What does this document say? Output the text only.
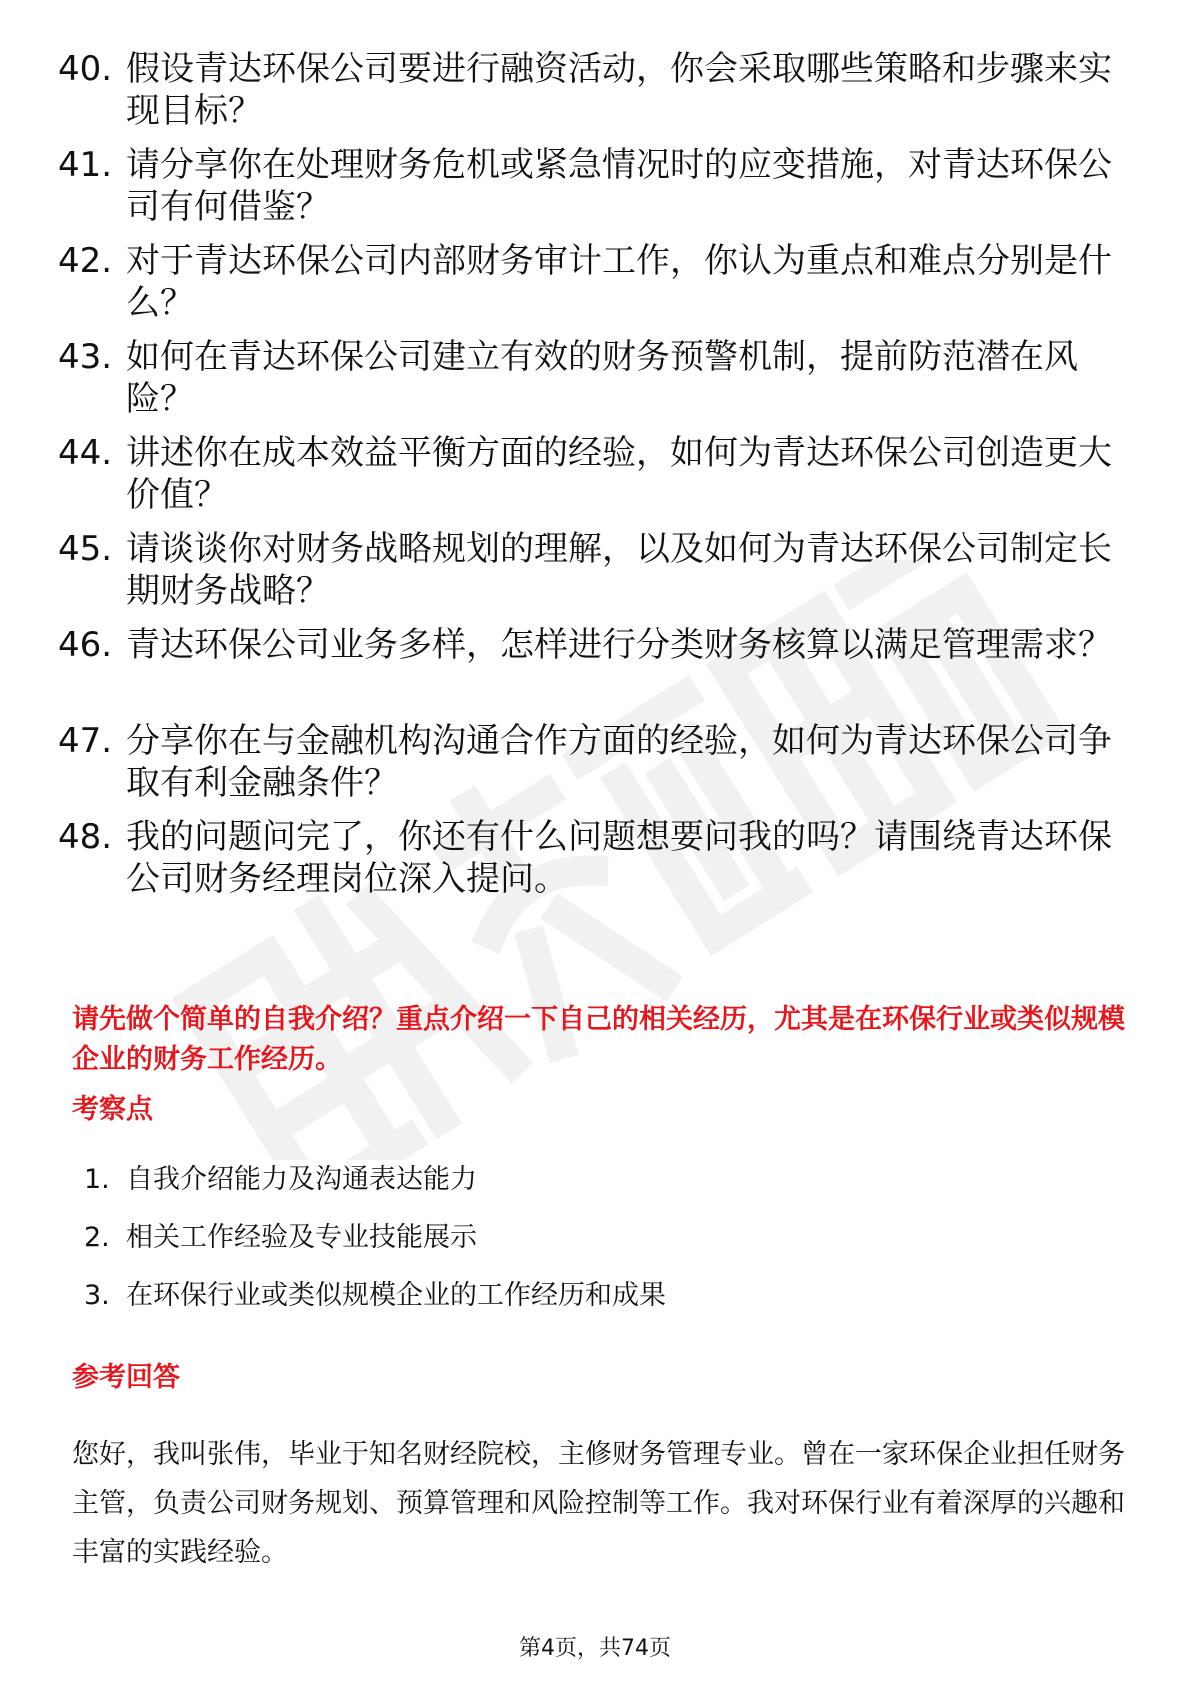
40. 假设青达环保公司要进行融资活动，你会采取哪些策略和步骤来实现目标？
41. 请分享你在处理财务危机或紧急情况时的应变措施，对青达环保公司有何借鉴？
42. 对于青达环保公司内部财务审计工作，你认为重点和难点分别是什么？
43. 如何在青达环保公司建立有效的财务预警机制，提前防范潜在风险？
44. 讲述你在成本效益平衡方面的经验，如何为青达环保公司创造更大价值？
45. 请谈谈你对财务战略规划的理解，以及如何为青达环保公司制定长期财务战略？
46. 青达环保公司业务多样，怎样进行分类财务核算以满足管理需求？
47. 分享你在与金融机构沟通合作方面的经验，如何为青达环保公司争取有利金融条件？
48. 我的问题问完了，你还有什么问题想要问我的吗？请围绕青达环保公司财务经理岗位深入提问。
请先做个简单的自我介绍？重点介绍一下自己的相关经历，尤其是在环保行业或类似规模企业的财务工作经历。
考察点
1. 自我介绍能力及沟通表达能力
2. 相关工作经验及专业技能展示
3. 在环保行业或类似规模企业的工作经历和成果
参考回答
您好，我叫张伟，毕业于知名财经院校，主修财务管理专业。曾在一家环保企业担任财务主管，负责公司财务规划、预算管理和风险控制等工作。我对环保行业有着深厚的兴趣和丰富的实践经验。
第4页，共74页
